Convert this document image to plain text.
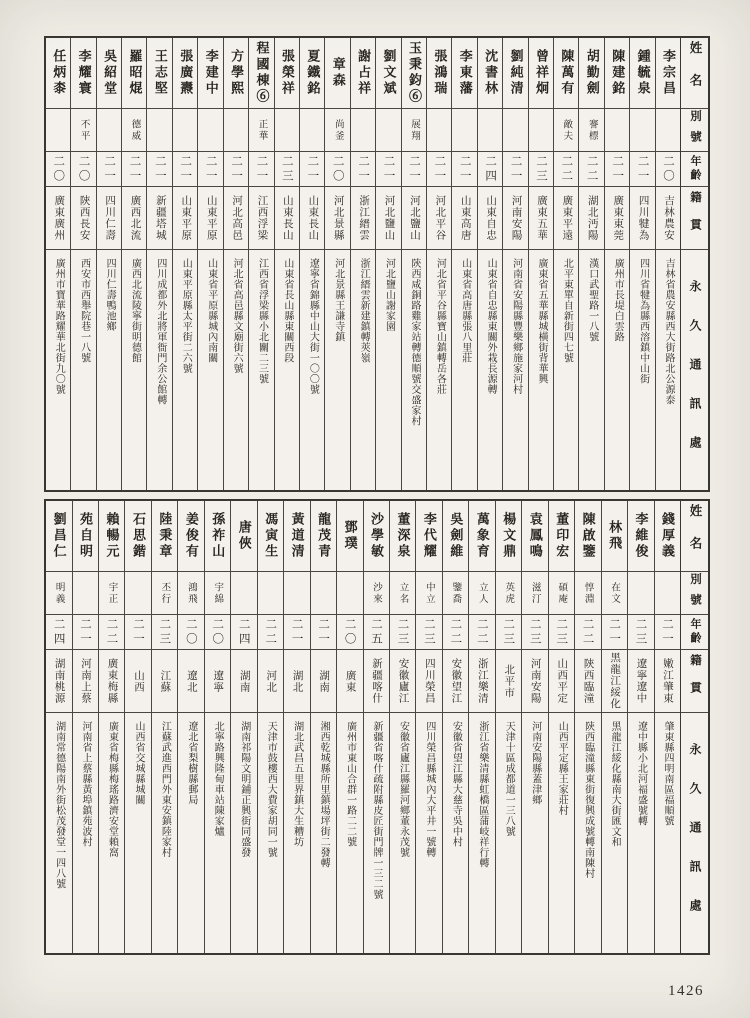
姓名
別號
年齡
籍貫
永久通訊處
李宗昌
二〇
吉林農安
吉林省農安縣西大街路北公源泰
鍾毓泉
二一
四川犍為
四川省犍為縣西溶鎮中山街
陳建銘
二一
廣東東莞
廣州市長堤白雲路
胡勤劍
謇標
二二
湖北沔陽
漢口武聖路一八號
陳萬有
敵夫
二二
廣東平遠
北平東單自新街四七號
曾祥炯
二三
廣東五華
廣東省五華縣城橫街背華興
劉純清
二一
河南安陽
河南省安陽縣豐樂鄉施家河村
沈書林
二四
山東自忠
山東省自忠縣東關外栽長源轉
李東藩
二一
山東高唐
山東省高唐縣張八里莊
張鴻瑞
二一
河北平谷
河北省平谷縣寶山鎮轉岳各莊
玉秉鈞⑥
展翔
二一
河北鹽山
陝西咸銅路雞家站轉德順號交盛家村
劉文斌
二一
河北鹽山
河北鹽山謝家園
謝占祥
二一
浙江縉雲
浙江縉雲新建鎮轉莢嶺
章森
尚釜
二〇
河北景縣
河北景縣王謙寺鎮
夏鐵銘
二一
山東長山
遼寧省錦縣中山大街一〇〇號
張榮祥
二三
山東長山
山東省長山縣東關西段
程國棟⑥
正華
二一
江西浮梁
江西省浮梁縣小北關二三號
方學熙
二一
河北高邑
河北省高邑縣文廟街六號
李建中
二一
山東平原
山東省平原縣城內南關
張廣燾
二一
山東平原
山東平原縣太平街二六號
王志堅
二一
新疆塔城
四川成都外北將軍衙門余公館轉
羅昭焜
德威
二一
廣西北流
廣西北流陵寧街明德館
吳紹堂
二一
四川仁壽
四川仁壽鴨池鄉
李耀寰
不平
二〇
陝西長安
西安市西舉院巷一八號
任炳桼
二〇
廣東廣州
廣州市寶華路耀華北街九〇號
姓名
別號
年齡
籍貫
永久通訊處
錢厚義
二一
嫩江肇東
肇東縣四明南區福順號
李維俊
二三
遼寧遼中
遼中縣小北河福盛號轉
林飛
在文
二一
黑龍江綏化
黑龍江綏化縣南大街匯文和
陳啟鑒
惇淵
二二
陝西臨潼
陝西臨潼縣東街復興成號轉南陳村
董印宏
碩庵
二三
山西平定
山西平定縣王家莊村
袁鳳鳴
滋汀
二三
河南安陽
河南安陽縣蓋津鄉
楊文鼎
英虎
二三
北平市
天津十區成都道一三八號
萬象育
立人
二二
浙江樂清
浙江省樂清縣虹橋區蒲岐祥行轉
吳劍維
鑒喬
二二
安徽望江
安徽省望江縣大慈寺吳中村
李代耀
中立
二三
四川榮昌
四川榮昌縣城內大平井一號轉
董深泉
立名
二三
安徽廬江
安徽省廬江縣羅河鄉董永茂號
沙學敏
沙來
二五
新疆喀什
新疆省喀什疏附縣皮匠街門牌一三二號
鄧璞
二〇
廣東
廣州市東山合群一路二二號
龍茂青
二一
湖南
湘西乾城縣所里鎮場坪街二發轉
黃道清
二一
湖北
湖北武昌五里界鎮大生糟坊
馮寅生
二二
河北
天津市鼓樓西大費家胡同一號
唐俠
二四
湖南
湖南祁陽文明鋪正興街同盛發
孫祚山
宇綿
二〇
遼寧
北寧路興隆甸車站陳家爐
姜俊有
鴻飛
二〇
遼北
遼北省梨樹縣郵局
陸秉章
丕行
二三
江蘇
江蘇武進西門外東安鎮陸家村
石思鍇
二一
山西
山西省交城縣城關
賴暢元
宇正
二二
廣東梅縣
廣東省梅縣梅瑤路濟安堂賴窩
苑自明
二一
河南上蔡
河南省上蔡縣黃埠鎮苑波村
劉昌仁
明義
二四
湖南桃源
湖南常德陽南外街松茂發堂一四八號
1426
